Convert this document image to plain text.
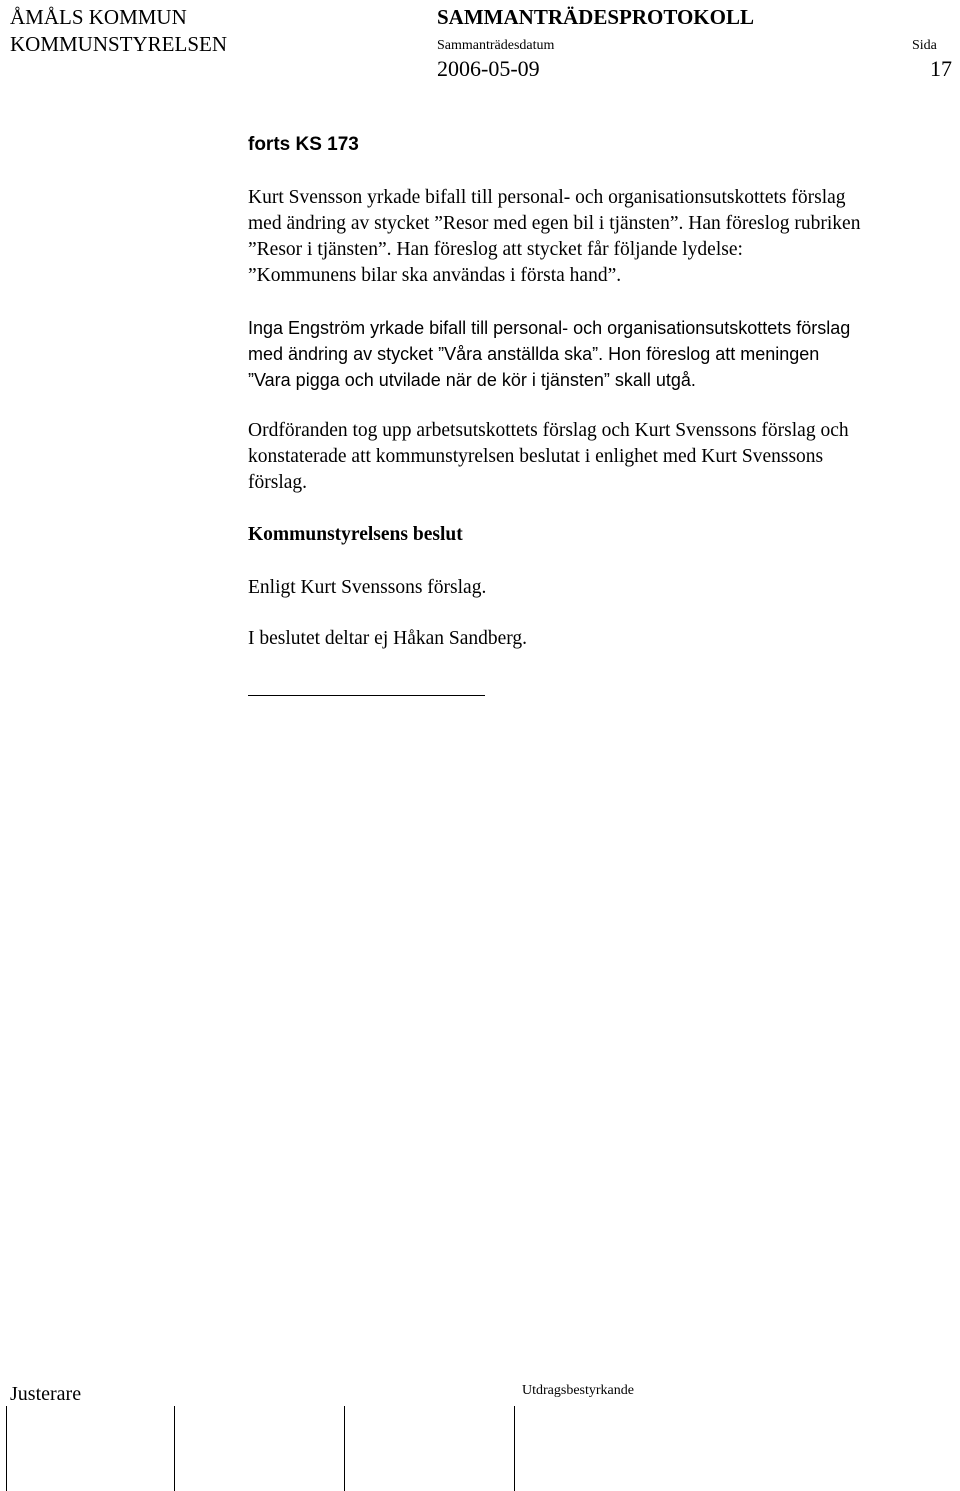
ÅMÅLS KOMMUN
KOMMUNSTYRELSEN
SAMMANTRÄDESPROTOKOLL
Sammanträdesdatum	Sida
2006-05-09	17
forts KS 173
Kurt Svensson yrkade bifall till personal- och organisationsutskottets förslag
med ändring av stycket ”Resor med egen bil i tjänsten”. Han föreslog rubriken
”Resor i tjänsten”. Han föreslog att stycket får följande lydelse:
”Kommunens bilar ska användas i första hand”.
Inga Engström yrkade bifall till personal- och organisationsutskottets förslag
med ändring av stycket ”Våra anställda ska”. Hon föreslog att meningen
”Vara pigga och utvilade när de kör i tjänsten” skall utgå.
Ordföranden tog upp arbetsutskottets förslag och Kurt Svenssons förslag och
konstaterade att kommunstyrelsen beslutat i enlighet med Kurt Svenssons
förslag.
Kommunstyrelsens beslut
Enligt Kurt Svenssons förslag.
I beslutet deltar ej Håkan Sandberg.
Justerare	Utdragsbestyrkande
